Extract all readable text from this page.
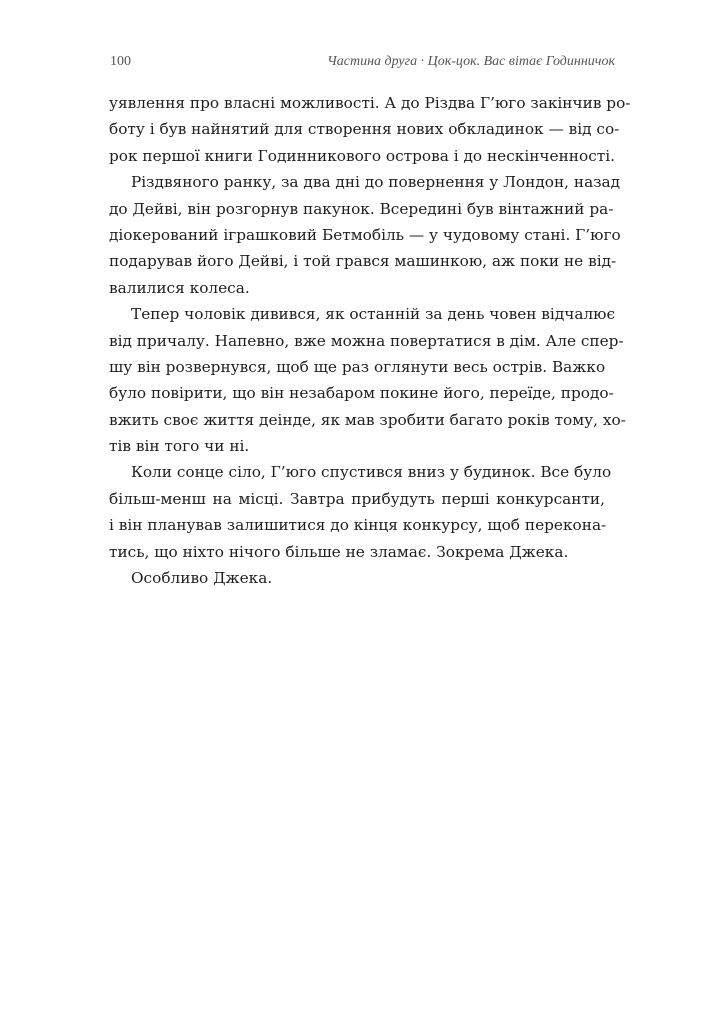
100	Частина друга · Цок-цок. Вас вітає Годинничок
уявлення про власні можливості. А до Різдва Г’юго закінчив ро-
боту і був найнятий для створення нових обкладинок — від со-
рок першої книги Годинникового острова і до нескінченності.
Різдвяного ранку, за два дні до повернення у Лондон, назад
до Дейві, він розгорнув пакунок. Всередині був вінтажний ра-
діокерований іграшковий Бетмобіль — у чудовому стані. Г’юго
подарував його Дейві, і той грався машинкою, аж поки не від-
валилися колеса.
Тепер чоловік дивився, як останній за день човен відчалює
від причалу. Напевно, вже можна повертатися в дім. Але спер-
шу він розвернувся, щоб ще раз оглянути весь острів. Важко
було повірити, що він незабаром покине його, переїде, продо-
вжить своє життя деінде, як мав зробити багато років тому, хо-
тів він того чи ні.
Коли сонце сіло, Г’юго спустився вниз у будинок. Все було
більш-менш на місці. Завтра прибудуть перші конкурсанти,
і він планував залишитися до кінця конкурсу, щоб переконa-
тись, що ніхто нічого більше не зламає. Зокрема Джека.
Особливо Джека.
